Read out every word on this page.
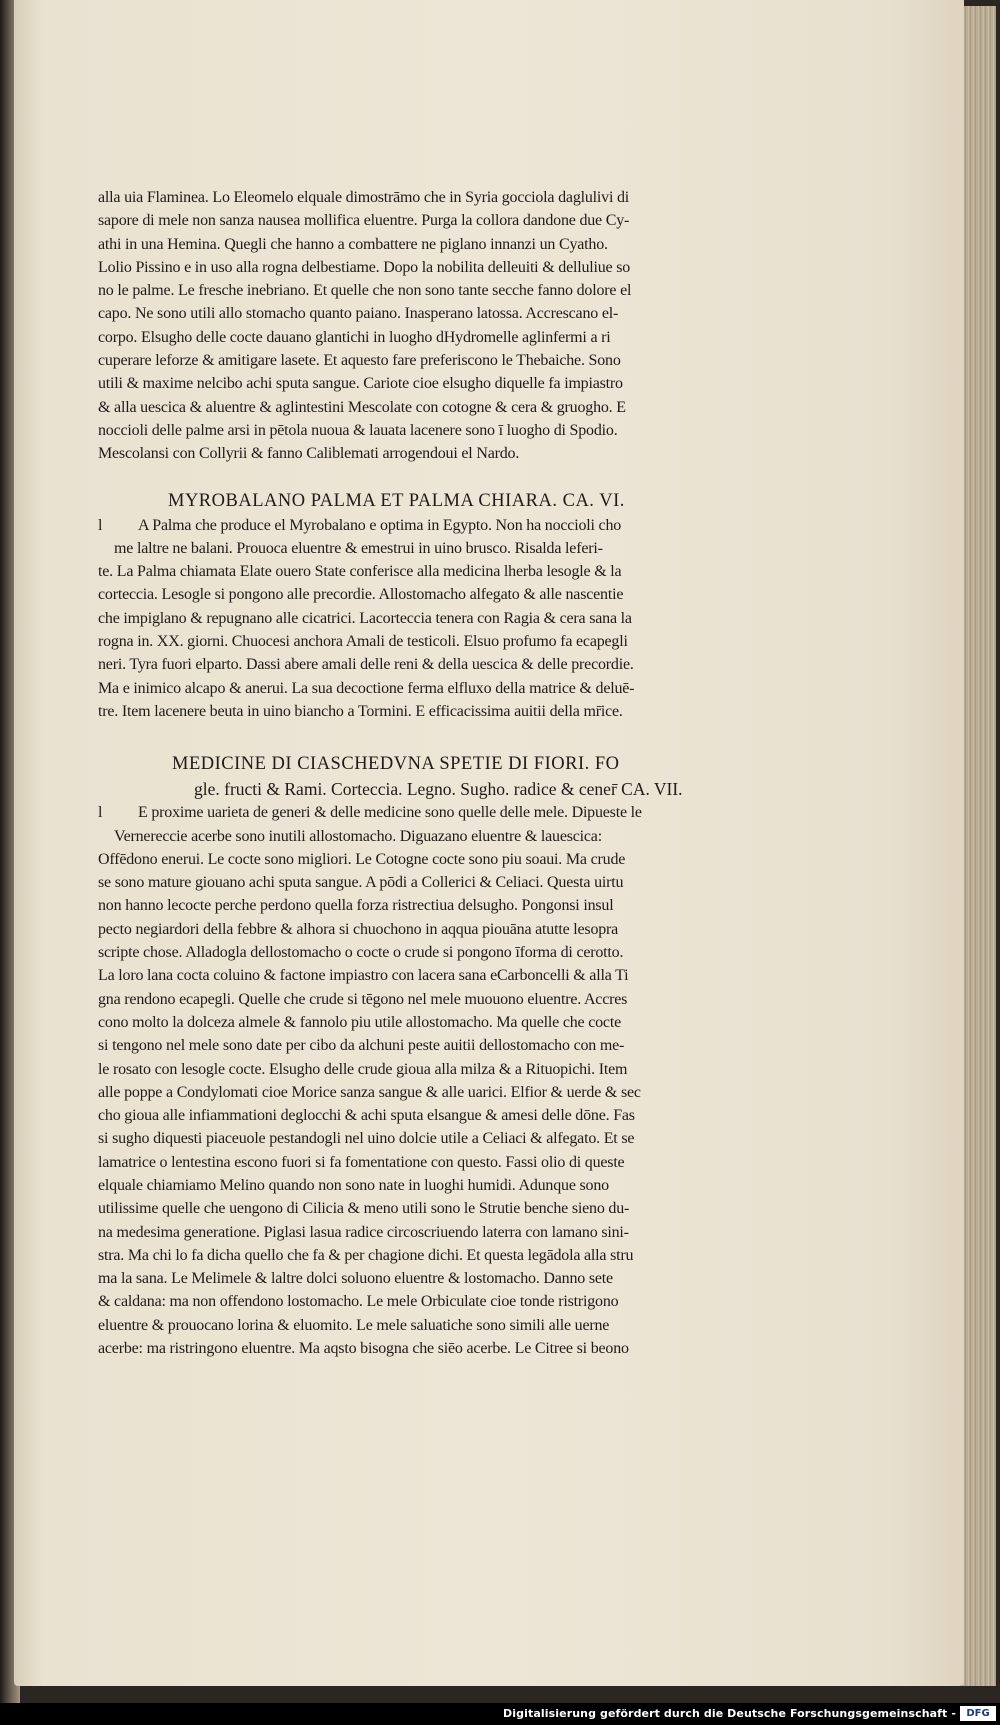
alla uia Flaminea. Lo Eleomelo elquale dimostrāmo che in Syria gocciola daglulivi di
sapore di mele non sanza nausea mollifica eluentre. Purga la collora dandone due Cy-
athi in una Hemina. Quegli che hanno a combattere ne piglano innanzi un Cyatho.
Lolio Pissino e in uso alla rogna delbestiame. Dopo la nobilita delleuiti & delluliue so
no le palme. Le fresche inebriano. Et quelle che non sono tante secche fanno dolore el
capo. Ne sono utili allo stomacho quanto paiano. Inasperano latossa. Accrescano el-
corpo. Elsugho delle cocte dauano glantichi in luogho dHydromelle aglinfermi a ri
cuperare leforze & amitigare lasete. Et aquesto fare preferiscono le Thebaiche. Sono
utili & maxime nelcibo achi sputa sangue. Cariote cioe elsugho diquelle fa impiastro
& alla uescica & aluentre & aglintestini Mescolate con cotogne & cera & gruogho. E
noccioli delle palme arsi in pētola nuoua & lauata lacenere sono ī luogho di Spodio.
Mescolansi con Collyrii & fanno Caliblemati arrogendoui el Nardo.
MYROBALANO PALMA ET PALMA CHIARA. CA. VI.
l A Palma che produce el Myrobalano e optima in Egypto. Non ha noccioli cho
me laltre ne balani. Prouoca eluentre & emestrui in uino brusco. Risalda leferi-
te. La Palma chiamata Elate ouero State conferisce alla medicina lherba lesogle & la
corteccia. Lesogle si pongono alle precordie. Allostomacho alfegato & alle nascentie
che impiglano & repugnano alle cicatrici. Lacorteccia tenera con Ragia & cera sana la
rogna in. XX. giorni. Chuocesi anchora Amali de testicoli. Elsuo profumo fa ecapegli
neri. Tyra fuori elparto. Dassi abere amali delle reni & della uescica & delle precordie.
Ma e inimico alcapo & anerui. La sua decoctione ferma elfluxo della matrice & deluē-
tre. Item lacenere beuta in uino biancho a Tormini. E efficacissima auitii della mr̄ice.
MEDICINE DI CIASCHEDVNA SPETIE DI FIORI. FO
gle. fructi & Rami. Corteccia. Legno. Sugho. radice & cener̄ CA. VII.
l E proxime uarieta de generi & delle medicine sono quelle delle mele. Dipueste le
Vernereccie acerbe sono inutili allostomacho. Diguazano eluentre & lauescica:
Offēdono enerui. Le cocte sono migliori. Le Cotogne cocte sono piu soaui. Ma crude
se sono mature giouano achi sputa sangue. A pōdi a Collerici & Celiaci. Questa uirtu
non hanno lecocte perche perdono quella forza ristrectiua delsugho. Pongonsi insul
pecto negiardori della febbre & alhora si chuochono in aqqua piouāna atutte lesopra
scripte chose. Alladogla dellostomacho o cocte o crude si pongono īforma di cerotto.
La loro lana cocta coluino & factone impiastro con lacera sana eCarboncelli & alla Ti
gna rendono ecapegli. Quelle che crude si tēgono nel mele muouono eluentre. Accres
cono molto la dolceza almele & fannolo piu utile allostomacho. Ma quelle che cocte
si tengono nel mele sono date per cibo da alchuni peste auitii dellostomacho con me-
le rosato con lesogle cocte. Elsugho delle crude gioua alla milza & a Rituopichi. Item
alle poppe a Condylomati cioe Morice sanza sangue & alle uarici. Elfior & uerde & sec
cho gioua alle infiammationi deglocchi & achi sputa elsangue & amesi delle dōne. Fas
si sugho diquesti piaceuole pestandogli nel uino dolcie utile a Celiaci & alfegato. Et se
lamatrice o lentestina escono fuori si fa fomentatione con questo. Fassi olio di queste
elquale chiamiamo Melino quando non sono nate in luoghi humidi. Adunque sono
utilissime quelle che uengono di Cilicia & meno utili sono le Strutie benche sieno du-
na medesima generatione. Piglasi lasua radice circoscriuendo laterra con lamano sini-
stra. Ma chi lo fa dicha quello che fa & per chagione dichi. Et questa legādola alla stru
ma la sana. Le Melimele & laltre dolci soluono eluentre & lostomacho. Danno sete
& caldana: ma non offendono lostomacho. Le mele Orbiculate cioe tonde ristrigono
eluentre & prouocano lorina & eluomito. Le mele saluatiche sono simili alle uerne
acerbe: ma ristringono eluentre. Ma aqsto bisogna che siēo acerbe. Le Citree si beono
Digitalisierung gefördert durch die Deutsche Forschungsgemeinschaft -	DFG
